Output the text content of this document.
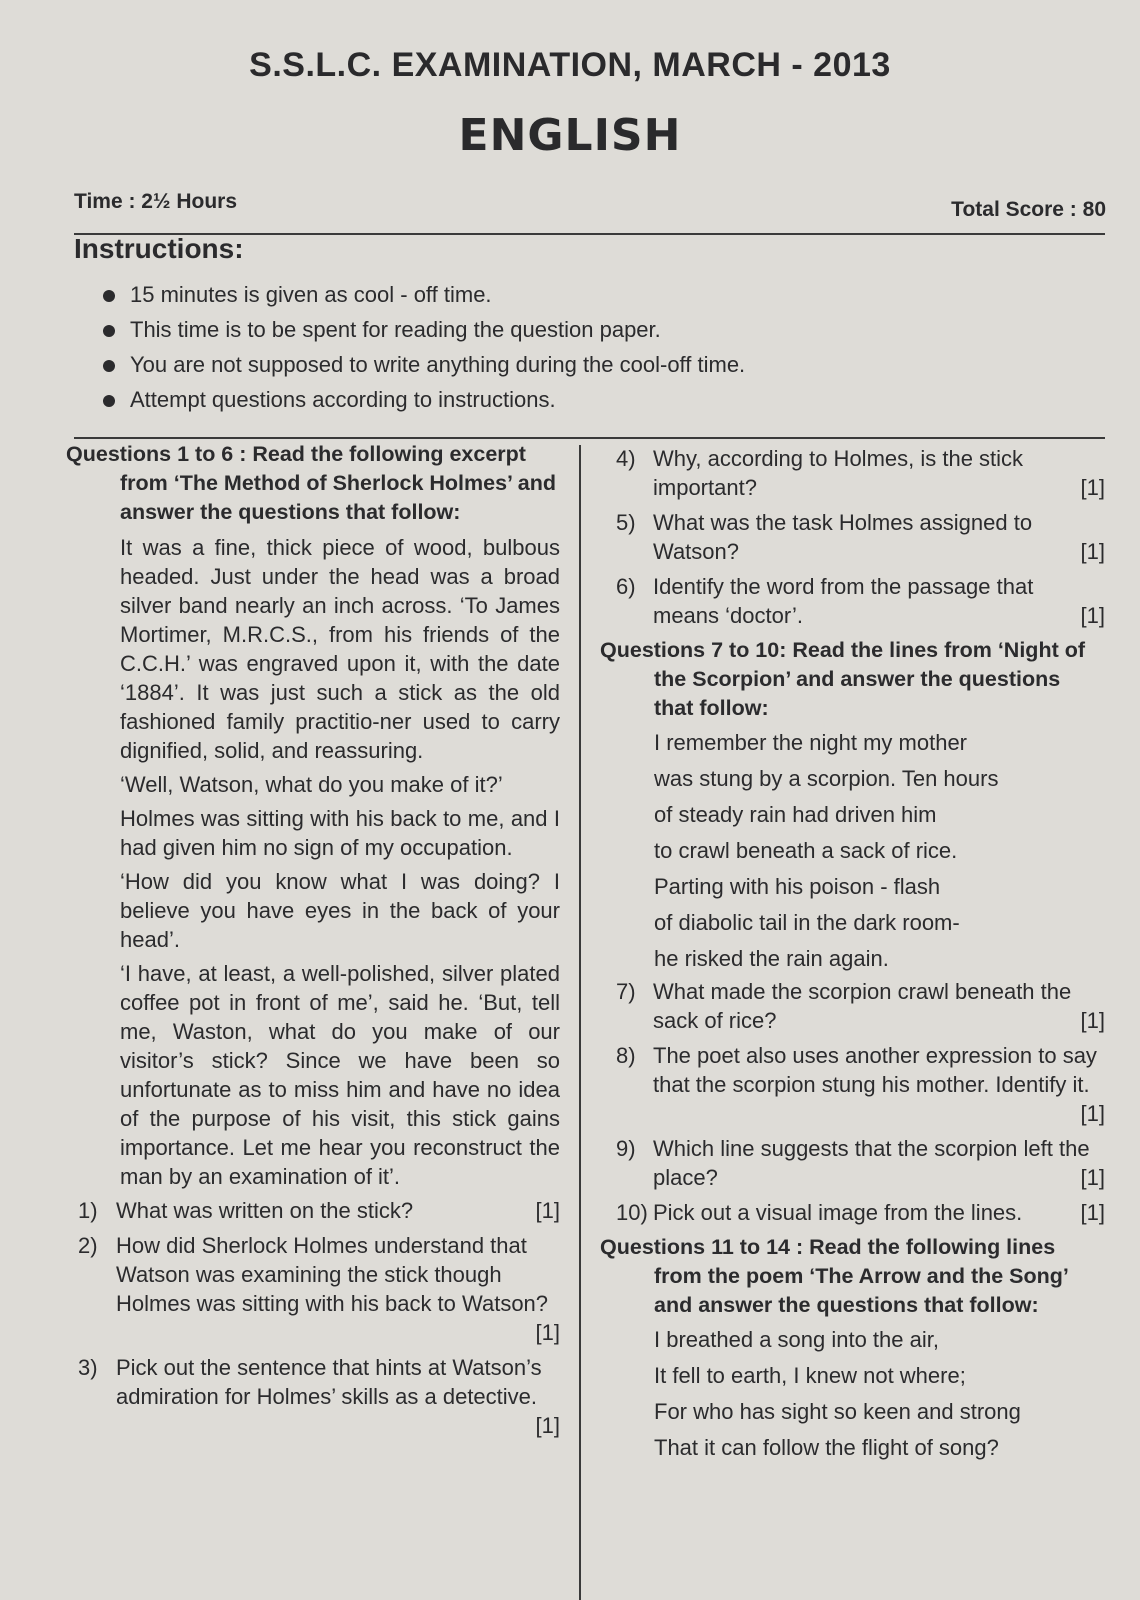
S.S.L.C. EXAMINATION, MARCH - 2013
ENGLISH
Time : 2½ Hours	Total Score : 80
Instructions:
15 minutes is given as cool - off time.
This time is to be spent for reading the question paper.
You are not supposed to write anything during the cool-off time.
Attempt questions according to instructions.
Questions 1 to 6 : Read the following excerpt from ‘The Method of Sherlock Holmes’ and answer the questions that follow:

It was a fine, thick piece of wood, bulbous headed. Just under the head was a broad silver band nearly an inch across. ‘To James Mortimer, M.R.C.S., from his friends of the C.C.H.’ was engraved upon it, with the date ‘1884’. It was just such a stick as the old fashioned family practitio-ner used to carry dignified, solid, and reassuring.

‘Well, Watson, what do you make of it?’

Holmes was sitting with his back to me, and I had given him no sign of my occupation.

‘How did you know what I was doing? I believe you have eyes in the back of your head’.

‘I have, at least, a well-polished, silver plated coffee pot in front of me’, said he. ‘But, tell me, Waston, what do you make of our visitor’s stick? Since we have been so unfortunate as to miss him and have no idea of the purpose of his visit, this stick gains importance. Let me hear you reconstruct the man by an examination of it’.

1) What was written on the stick?	[1]
2) How did Sherlock Holmes understand that Watson was examining the stick though Holmes was sitting with his back to Watson?
[1]
3) Pick out the sentence that hints at Watson’s admiration for Holmes’ skills as a detective.
[1]
4) Why, according to Holmes, is the stick important?	[1]
5) What was the task Holmes assigned to Watson?	[1]
6) Identify the word from the passage that means ‘doctor’.	[1]
Questions 7 to 10: Read the lines from ‘Night of the Scorpion’ and answer the questions that follow:
I remember the night my mother
was stung by a scorpion. Ten hours
of steady rain had driven him
to crawl beneath a sack of rice.
Parting with his poison - flash
of diabolic tail in the dark room-
he risked the rain again.
7) What made the scorpion crawl beneath the sack of rice?	[1]
8) The poet also uses another expression to say that the scorpion stung his mother. Identify it.
[1]
9) Which line suggests that the scorpion left the place?	[1]
10) Pick out a visual image from the lines.	[1]
Questions 11 to 14 : Read the following lines from the poem ‘The Arrow and the Song’ and answer the questions that follow:
I breathed a song into the air,
It fell to earth, I knew not where;
For who has sight so keen and strong
That it can follow the flight of song?
